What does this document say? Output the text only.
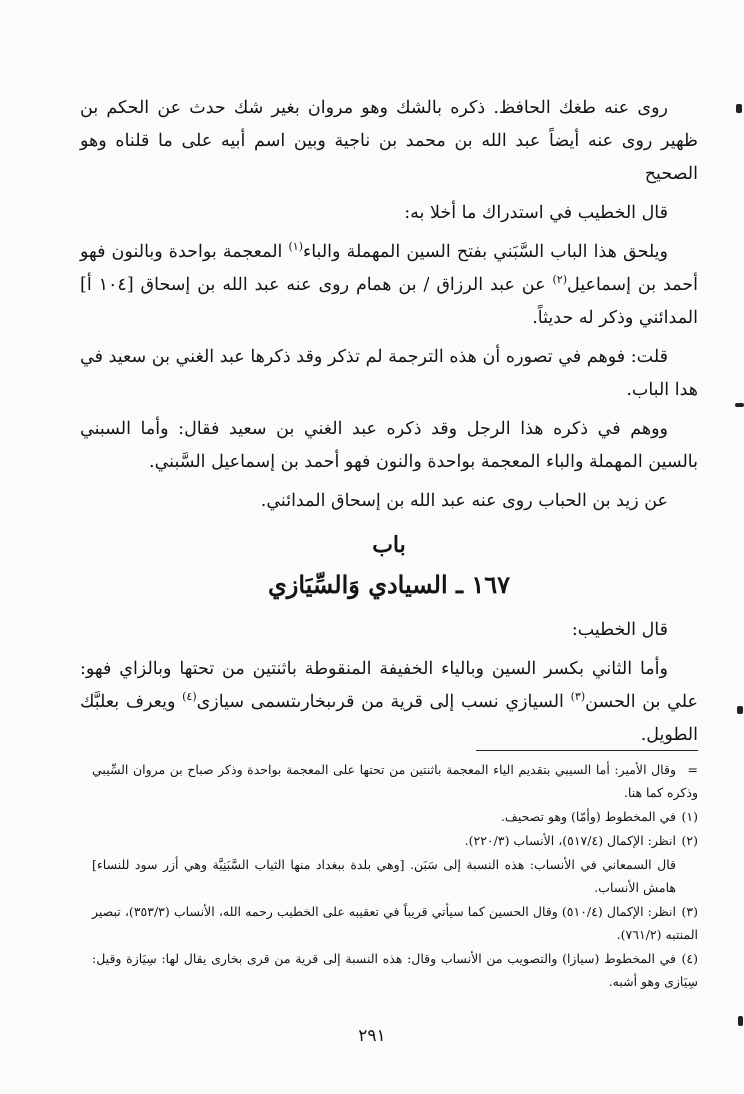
روى عنه طغك الحافظ. ذكره بالشك وهو مروان بغير شك حدث عن الحكم بن ظهير روى عنه أيضاً عبد الله بن محمد بن ناجية وبين اسم أبيه على ما قلناه وهو الصحيح

قال الخطيب في استدراك ما أخلا به:

ويلحق هذا الباب السَّبَني بفتح السين المهملة والباء$^{(١)}$ المعجمة بواحدة وبالنون فهو أحمد بن إسماعيل$^{(٢)}$ عن عبد الرزاق / بن همام روى عنه عبد الله بن إسحاق [١٠٤ أ] المدائني وذكر له حديثاً.

قلت: فوهم في تصوره أن هذه الترجمة لم تذكر وقد ذكرها عبد الغني بن سعيد في هدا الباب.

ووهم في ذكره هذا الرجل وقد ذكره عبد الغني بن سعيد فقال: وأما السبني بالسين المهملة والباء المعجمة بواحدة والنون فهو أحمد بن إسماعيل السَّبني.

عن زيد بن الحباب روى عنه عبد الله بن إسحاق المدائني.

باب
١٦٧ ـ السيادي وَالسِّيَازي

قال الخطيب:

وأما الثاني بكسر السين وبالياء الخفيفة المنقوطة باثنتين من تحتها وبالزاي فهو: علي بن الحسن$^{(٣)}$ السيازي نسب إلى قرية من قرىبخارىتسمى سيازى$^{(٤)}$ ويعرف بعلبَّك الطويل.

=وقال الأمير: أما السيبي بتقديم الياء المعجمة باثنتين من تحتها على المعجمة بواحدة وذكر صباح بن مروان السِّيبي وذكره كما هنا.

(١)في المخطوط (وأمّا) وهو تصحيف.

(٢)انظر: الإكمال (٥١٧/٤)، الأنساب (٢٢٠/٣).

قال السمعاني في الأنساب: هذه النسبة إلى سَبَن. [وهي بلدة ببغداد منها الثياب السَّبَنِيَّة وهي أزر سود للنساء] هامش الأنساب.

(٣)انظر: الإكمال (٥١٠/٤) وقال الحسين كما سيأتي قريباً في تعقيبه على الخطيب رحمه الله، الأنساب (٣٥٣/٣)، تبصير المنتبه (٧٦١/٢).

(٤)في المخطوط (سيازا) والتصويب من الأنساب وقال: هذه النسبة إلى قرية من قرى بخارى يقال لها: سِيَازة وقيل: سِيَازى وهو أشبه.

٢٩١
